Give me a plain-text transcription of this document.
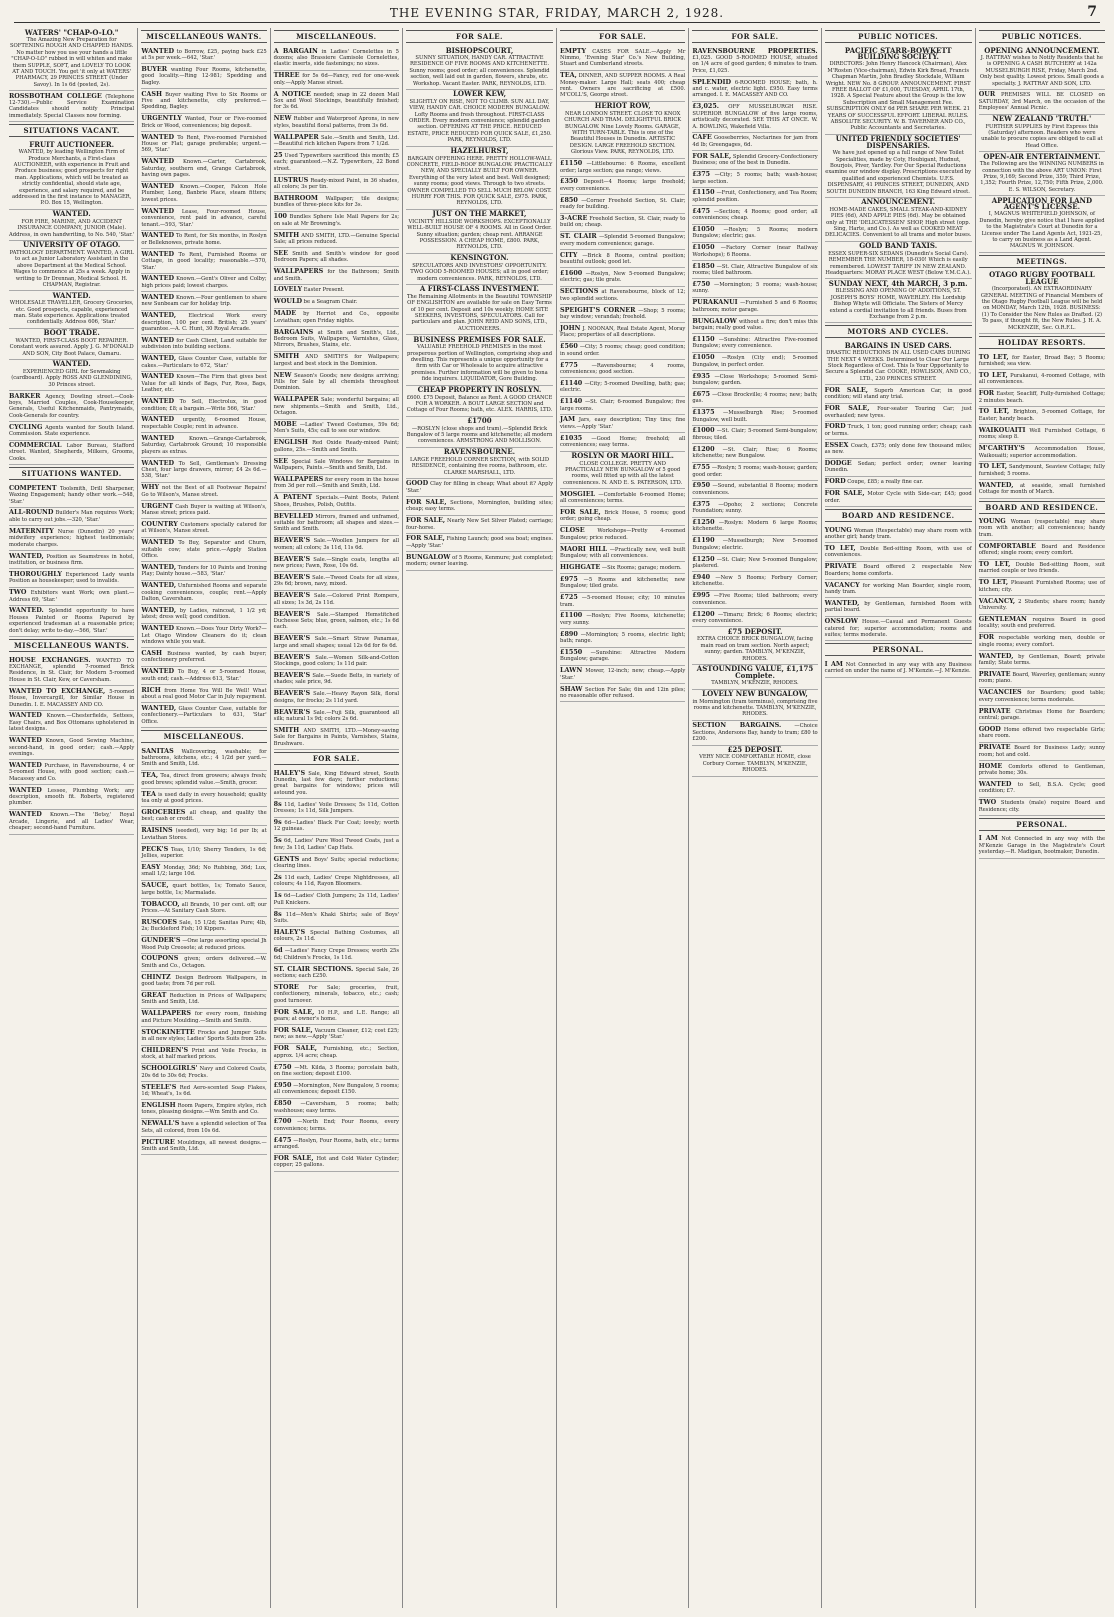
THE EVENING STAR, FRIDAY, MARCH 2, 1928.	7

WATERS' "CHAP-O-LO."
The Amazing New Preparation for SOFTENING ROUGH AND CHAPPED HANDS. No matter how you use your hands a little "CHAP-O-LO" rubbed in will whiten and make them SUPPLE, SOFT, and LOVELY TO LOOK AT AND TOUCH. You get 'it only at WATERS' PHARMACY, 29 PRINCES STREET (Under Savoy). In 1s 6d (posted, 2s).

ROSSBOTHAM COLLEGE (Telephone 12-730).—Public Service Examination Candidates should notify Principal immediately. Special Classes now forming.

SITUATIONS VACANT.

FRUIT AUCTIONEER.
WANTED, by leading Wellington Firm of Produce Merchants, a First-class AUCTIONEER, with experience in Fruit and Produce business; good prospects for right man. Applications, which will be treated as strictly confidential, should state age, experience, and salary required, and be addressed in the first instance to MANAGER, P.O. Box 15, Wellington.

WANTED.
FOR FIRE, MARINE, AND ACCIDENT INSURANCE COMPANY, JUNIOR (Male). Address, in own handwriting, to No. 540, 'Star.'

UNIVERSITY OF OTAGO.
PATHOLOGY DEPARTMENT. WANTED, A GIRL to act as Junior Laboratory Assistant in the above Department at the Medical School. Wages to commence at 25s a week. Apply in writing to Dr Drennan, Medical School. H. CHAPMAN, Registrar.

WANTED.
WHOLESALE TRAVELLER, Grocery Groceries, etc. Good prospects, capable, experienced man. State experience. Applications treated confidentially. Address 606, 'Star.'

BOOT TRADE.
WANTED, FIRST-CLASS BOOT REPAIRER. Constant work assured. Apply J. G. M'DONALD AND SON, City Boot Palace, Oamaru.

WANTED.
EXPERIENCED GIRL for Sewmaking (cardboard). Apply ROSS AND GLENDINING, 30 Princes street.

BARKER Agency, Dowling street.—Cook-boys, Married Couples, Cook-Housekeeper, Generals, Useful Kitchenmaids, Pantrymaids, Cook-Generals for country.

CYCLING Agents wanted for South Island. Commission. State experience.

COMMERCIAL Labor Bureau, Stafford street. Wanted, Shepherds, Milkers, Grooms, Cooks.

SITUATIONS WANTED.

COMPETENT Toolsmith, Drill Sharpener, Waxing Engagement; handy other work.—548, 'Star.'

ALL-ROUND Builder's Man requires Work; able to carry out jobs.—320, 'Star.'

MATERNITY Nurse (Dunedin) 20 years' midwifery experience; highest testimonials; moderate charges.

WANTED, Position as Seamstress in hotel, institution, or business firm.

THOROUGHLY Experienced Lady wants Position as housekeeper; used to invalids.

TWO Exhibitors want Work; own plant.—Address 69, 'Star.'

WANTED. Splendid opportunity to have Houses Painted or Rooms Papered by experienced tradesman at a reasonable price; don't delay; write to-day.—566, 'Star.'

MISCELLANEOUS WANTS.

HOUSE EXCHANGES. WANTED TO EXCHANGE, splendid 7-roomed Brick Residence, in St. Clair, for Modern 5-roomed House in St. Clair, Kew, or Caversham.

WANTED TO EXCHANGE, 5-roomed House, Invercargill, for Similar House in Dunedin. I. E. MACASSEY AND CO.

WANTED Known.—Chesterfields, Settees, Easy Chairs, and Box Ottomans upholstered in latest designs.

WANTED Known, Good Sewing Machine, second-hand, in good order; cash.—Apply evenings.

WANTED Purchase, in Ravensbourne, 4 or 5-roomed House, with good section; cash.—Macassey and Co.

WANTED Lessee, Plumbing Work; any description, smooth fit. Roberts, registered plumber.

WANTED Known.—The 'Betsy,' Royal Arcade, Lingerie, and all Ladies' Wear, cheaper; second-hand Furniture.

MISCELLANEOUS WANTS.

WANTED to Borrow, £25, paying back £25 at 5s per week.—642, 'Star.'

BUYER wanting Four Rooms, kitchenette, good locality.—Ring 12-981; Spedding and Bagley.

CASH Buyer waiting Five to Six Rooms or Five and kitchenette, city preferred.—Spedding, Bagley.

URGENTLY Wanted, Four or Five-roomed Brick or Wood, conveniences; big deposit.

WANTED To Rent, Five-roomed Furnished House or Flat; garage preferable; urgent.—569, 'Star.'

WANTED Known.—Carter, Cartabrook, Saturday, southern end, Grange Cartabrook, having own pages.

WANTED Known.—Cooper, Falcon Hole Plumber, Long, Banbrie Place, steam fitters; lowest prices.

WANTED Lease, Four-roomed House, convenience, rent paid in advance, careful tenant.—593, 'Star.'

WANTED To Rent, for Six months, in Roslyn or Belleknowes, private home.

WANTED To Rent, Furnished Rooms or Cottage, in good locality; reasonable.—570, 'Star.'

WANTED Known.—Gent's Oliver and Colby; high prices paid; lowest charges.

WANTED Known.—Four gentlemen to share new Sunbeam car for holiday trip.

WANTED, Electrical Work every description, 100 per cent. British; 25 years' guarantee.—A. C. Hunt, 30 Royal Arcade.

WANTED for Cash Client, Land suitable for subdivision into building sections.

WANTED, Glass Counter Case, suitable for cakes.—Particulars to 672, 'Star.'

WANTED Known—The Firm that gives best Value for all kinds of Bags, Fur, Ross, Bags, Leather, etc.

WANTED To Sell, Electrolux, in good condition; £8; a bargain.—Write 566, 'Star.'

WANTED urgently, 6-roomed House, respectable Couple; rent in advance.

WANTED	Known.—Grange-Cartabrook, Saturday, Cartabrook Ground; 10 responsible players as extras.

WANTED To Sell, Gentleman's Dressing Chest, four large drawers, mirror; £4 2s 6d.—538, 'Star.'

WHY not the Best of all Footwear Repairs! Go to Wilson's, Manse street.

URGENT Cash Buyer is waiting at Wilson's, Manse street; prices paid.

COUNTRY Customers specially catered for at Wilson's, Manse street.

WANTED To Buy, Separator and Churn, suitable cow; state price.—Apply Station Office.

WANTED, Tenders for 10 Paints and Ironing Play; Dainty house.—583, 'Star.'

WANTED, Unfurnished Rooms and separate cooking conveniences, couple; rent.—Apply Dalton, Caversham.

WANTED, by Ladies, raincoat, 1 1/2 yd; latest; dress well; good condition.

WANTED Known.—Does Your Dirty Work?—Let Otago Window Cleaners do it; clean windows while you wait.

CASH Business wanted, by cash buyer; confectionery preferred.

WANTED To Buy, 4 or 5-roomed House, south end; cash.—Address 613, 'Star.'

RICH from Home You Will Be Well! What about a real good Motor Car in July repayment.

WANTED, Glass Counter Case, suitable for confectionery.—Particulars to 631, 'Star' Office.

MISCELLANEOUS.

SANITAS Wallcovering, washable; for bathrooms, kitchens, etc.; 4 1/2d per yard.—Smith and Smith, Ltd.

TEA, Tea, direct from growers; always fresh; good brews; splendid value.—Smith, grocer.

TEA is used daily in every household; quality tea only at good prices.

GROCERIES all cheap, and quality the best; cash or credit.

RAISINS (seeded), very big; 1d per lb; at Leviathan Stores.

PECK'S Teas, 1/10; Sherry Tenders, 1s 6d; Jellies, superior.

EASY Monday, 36d; No Rubbing, 36d; Lux, small 1/2; large 10d.

SAUCE, quart bottles, 1s; Tomato Sauce, large bottle, 1s; Marmalade.

TOBACCO, all Brands, 10 per cent. off; our Prices.—At Sanitary Cash Store.

RUSCOES Sale, 15 1/2d; Sanitas Pure; 4lb, 2s; Buckleford Fish; 10 Kippers.

GUNDER'S —One large assorting special Jh Wood Pulp Creosote; at reduced prices.

COUPONS given; orders delivered.—W. Smith and Co., Octagon.

CHINTZ Design Bedroom Wallpapers, in good taste; from 7d per roll.

GREAT Reduction in Prices of Wallpapers; Smith and Smith, Ltd.

WALLPAPERS for every room, finishing and Picture Moulding.—Smith and Smith.

STOCKINETTE Frocks and Jumper Suits in all new styles; Ladies' Sports Suits from 25s.

CHILDREN'S Print and Voile Frocks, in stock, at half marked prices.

SCHOOLGIRLS' Navy and Colored Coats, 20s 6d to 30s 6d; Frocks.

STEELE'S Red Aero-scented Soap Flakes, 1d; Wheat's, 1s 6d.

ENGLISH Room Papers, Empire styles, rich tones, pleasing designs.—Wm Smith and Co.

NEWALL'S have a splendid selection of Tea Sets, all colored, from 10s 6d.

PICTURE Mouldings, all newest designs.—Smith and Smith, Ltd.

MISCELLANEOUS.

A BARGAIN in Ladies' Cornelettes in 5 dozens; also Brassiere Camisole Cornelettes, elastic inserts, side fastenings; no sizes.

THREE for 5s 6d—Fancy, red for one-week only.—Apply Manse street.

A NOTICE needed; snap in 22 dozen Mail Sox and Wool Stockings, beautifully finished; for 3s 6d.

NEW Rubber and Waterproof Aprons, in new styles, beautiful floral patterns, from 3s 6d.

WALLPAPER Sale.—Smith and Smith, Ltd.—Beautiful rich kitchen Papers from 7 1/2d.

25 Used Typewriters sacrificed this month; £5 each; guaranteed.—N.Z. Typewriters, 22 Bond street.

LUSTRUS Ready-mixed Paint, in 36 shades, all colors; 3s per tin.

BATHROOM Wallpaper; tile designs; bundles of three-piece kits for 3s.

100 Bundles Sphere Isle Mail Papers for 2s; on sale at Mr Browning's.

SMITH AND SMITH, LTD.—Genuine Special Sale; all prices reduced.

SEE Smith and Smith's window for good Bedroom Papers; all shades.

WALLPAPERS for the Bathroom; Smith and Smith.

LOVELY Easter Present.

WOULD be a Seagram Chair.

MADE by Herriot and Co., opposite Leviathan; open Friday nights.

BARGAINS at Smith and Smith's, Ltd., Bedroom Suits, Wallpapers, Varnishes, Glass, Mirrors, Brushes, Stains, etc.

SMITH AND SMITH'S for Wallpapers; largest and best stock in the Dominion.

NEW Season's Goods; new designs arriving; Pills for Sale by all chemists throughout Dominion.

WALLPAPER Sale; wonderful bargains; all new shipments.—Smith and Smith, Ltd., Octagon.

MOBE —Ladies' Tweed Costumes, 59s 6d; Men's Suits, 45s; call to see our window.

ENGLISH Red Oxide Ready-mixed Paint; gallons, 25s.—Smith and Smith.

SEE Special Sale Windows for Bargains in Wallpapers, Paints.—Smith and Smith, Ltd.

WALLPAPERS for every room in the house from 3d per roll.—Smith and Smith, Ltd.

A PATENT Specials.—Paint Boots, Patent Shoes, Brushes, Polish, Outfits.

BEVELLED Mirrors, framed and unframed, suitable for bathroom; all shapes and sizes.—Smith and Smith.

BEAVER'S Sale.—Woollen Jumpers for all women; all colors; 3s 11d, 11s 6d.

BEAVER'S Sale.—Single coats, lengths all new prices; Fawn, Rose, 10s 6d.

BEAVER'S Sale.—Tweed Coats for all sizes, 29s 6d; brown, navy, mixed.

BEAVER'S Sale.—Colored Print Rompers, all sizes; 1s 3d, 2s 11d.

BEAVER'S Sale.—Stamped Hemstitched Duchesse Sets; blue, green, salmon, etc.; 1s 6d each.

BEAVER'S Sale.—Smart Straw Panamas, large and small shapes; usual 12s 6d for 6s 6d.

BEAVER'S Sale.—Women Silk-and-Cotton Stockings, good colors; 1s 11d pair.

BEAVER'S Sale.—Suede Belts, in variety of shades; sale price, 9d.

BEAVER'S Sale.—Heavy Rayon Silk, floral designs, for frocks; 2s 11d yard.

BEAVER'S Sale.—Fuji Silk, guaranteed all silk; natural 1s 9d; colors 2s 6d.

SMITH AND SMITH, LTD.—Money-saving Sale for Bargains in Paints, Varnishes, Stains, Brushware.

FOR SALE.

HALEY'S Sale, King Edward street, South Dunedin, last few days; further reductions; great bargains for windows; prices will astound you.

8s 11d, Ladies' Voile Dresses; 5s 11d, Cotton Dresses; 1s 11d, Silk Jumpers.

9s 6d—Ladies' Black Fur Coat; lovely; worth 12 guineas.

5s 6d, Ladies' Pure Wool Tweed Coats, just a few; 3s 11d, Ladies' Cap Hats.

GENTS and Boys' Suits; special reductions; clearing lines.

2s 11d each, Ladies' Crepe Nightdresses, all colours; 4s 11d, Rayon Bloomers.

1s 6d—Ladies' Cloth Jumpers; 2s 11d, Ladies' Pull Knickers.

8s 11d—Men's Khaki Shirts; sale of Boys' Suits.

HALEY'S Special Bathing Costumes, all colours, 2s 11d.

6d —Ladies' Fancy Crepe Dresses; worth 25s 6d; Children's Frocks, 1s 11d.

ST. CLAIR SECTIONS. Special Sale, 26 sections; each £250.

STORE For Sale; groceries, fruit, confectionery, minerals, tobacco, etc.; cash; good turnover.

FOR SALE, 10 H.P., and L.E. Range; all gears; at owner's home.

FOR SALE, Vacuum Cleaner, £12; cost £25; new; as new.—Apply 'Star.'

FOR SALE, Furnishing, etc.; Section, approx. 1/4 acre; cheap.

£750 —Mt. Kilda, 3 Rooms; porcelain bath, on fine section; deposit £100.

£950 —Mornington, New Bungalow, 5 rooms; all conveniences; deposit £150.

£850 —Caversham, 5 rooms; bath; washhouse; easy terms.

£700 —North End; Four Rooms, every convenience; terms.

£475 —Roslyn, Four Rooms, bath, etc.; terms arranged.

FOR SALE, Hot and Cold Water Cylinder; copper; 25 gallons.

FOR SALE.

BISHOPSCOURT,
SUNNY SITUATION, HANDY CAR. ATTRACTIVE RESIDENCE OF FIVE ROOMS AND KITCHENETTE. Sunny rooms; good order; all conveniences. Splendid section, well laid out in garden, flowers, shrubs, etc. Workshop. Vacant Easter. PARK, REYNOLDS, LTD.

LOWER KEW,
SLIGHTLY ON RISE, NOT TO CLIMB. SUN ALL DAY, VIEW, HANDY CAR. CHOICE MODERN BUNGALOW. Lofty Rooms and fresh throughout. FIRST-CLASS ORDER. Every modern convenience; splendid garden section. OFFERING AT THE PRICE. REDUCED ESTATE, PRICE REDUCED FOR QUICK SALE, £1,250. PARK, REYNOLDS, LTD.

HAZELHURST,
BARGAIN OFFERING HERE. PRETTY HOLLOW-WALL CONCRETE, FIELD-ROOF BUNGALOW. PRACTICALLY NEW, AND SPECIALLY BUILT FOR OWNER. Everything of the very latest and best. Well designed; sunny rooms; good views. Through to two streets. OWNER COMPELLED TO SELL MUCH BELOW COST. HURRY FOR THIS. FOR QUICK SALE, £975. PARK, REYNOLDS, LTD.

JUST ON THE MARKET,
VICINITY HILLSIDE WORKSHOPS. EXCEPTIONALLY WELL-BUILT HOUSE OF 4 ROOMS. All in Good Order. Sunny situation; garden; cheap rent. ARRANGE POSSESSION. A CHEAP HOME, £800. PARK, REYNOLDS, LTD.

KENSINGTON.
SPECULATORS AND INVESTORS' OPPORTUNITY. TWO GOOD 5-ROOMED HOUSES; all in good order; modern conveniences. PARK, REYNOLDS, LTD.

A FIRST-CLASS INVESTMENT.
The Remaining Allotments in the Beautiful TOWNSHIP OF ENGLISHTON are available for sale on Easy Terms of 10 per cent. Deposit and 10s weekly. HOME SITE SEEKERS, INVESTORS, SPECULATORS. Call for particulars and plan. JOHN REID AND SONS, LTD., AUCTIONEERS.

BUSINESS PREMISES FOR SALE.
VALUABLE FREEHOLD PREMISES in the most prosperous portion of Wellington, comprising shop and dwelling. This represents a unique opportunity for a firm with Car or Wholesale to acquire attractive premises. Further information will be given to bona fide inquirers. LIQUIDATOR, Gore Building.

CHEAP PROPERTY IN ROSLYN.
£600. £75 Deposit, Balance as Rent. A GOOD CHANCE FOR A WORKER. A BOUT LARGE SECTION and Cottage of Four Rooms; bath, etc. ALEX. HARRIS, LTD.

£1700
—ROSLYN (close shops and tram).—Splendid Brick Bungalow of 5 large rooms and kitchenette; all modern conveniences. ARMSTRONG AND MOLLISON.

RAVENSBOURNE.
LARGE FREEHOLD CORNER SECTION, with SOLID RESIDENCE, containing five rooms, bathroom, etc. CLARKE MARSHALL, LTD.

GOOD Clay for filling in cheap; What about it? Apply 'Star.'

FOR SALE, Sections, Mornington, building sites; cheap; easy terms.

FOR SALE, Nearly New Set Silver Plated; carriage; four-horse.

FOR SALE, Fishing Launch; good sea boat; engines.—Apply 'Star.'

BUNGALOW of 5 Rooms, Kenmure; just completed; modern; owner leaving.

FOR SALE.

EMPTY CASES FOR SALE.—Apply Mr Nimmo, 'Evening Star' Co.'s New Building, Stuart and Cumberland streets.

TEA, DINNER, AND SUPPER ROOMS. A Real Money-maker. Large Hall; seats 400; cheap rent. Owners are sacrificing at £500. M'COLL'S, George street.

HERIOT ROW,
NEAR LONDON STREET. CLOSE TO KNOX CHURCH AND TRAM. DELIGHTFUL BRICK BUNGALOW. Nine Lovely Rooms. GARAGE, WITH TURN-TABLE. This is one of the Beautiful Houses in Dunedin. ARTISTIC DESIGN. LARGE FREEHOLD SECTION. Glorious View. PARK, REYNOLDS, LTD.

£1150 —Littlebourne: 6 Rooms, excellent order; large section; gas range; views.

£350 Deposit—4 Rooms; large freehold; every convenience.

£850 —Corner Freehold Section, St. Clair; ready for building.

3-ACRE Freehold Section, St. Clair, ready to build on; cheap.

ST. CLAIR —Splendid 5-roomed Bungalow; every modern convenience; garage.

CITY —Brick 8 Rooms, central position; beautiful outlook; good let.

£1600 —Roslyn, New 5-roomed Bungalow; electric; gas; tile grate.

SECTIONS at Ravensbourne, block of 12; two splendid sections.

SPEIGHT'S CORNER —Shop; 5 rooms; bay window; verandah; freehold.

JOHN J. NOONAN, Real Estate Agent, Moray Place; properties of all descriptions.

£560 —City; 5 rooms; cheap; good condition; in sound order.

£775	—Ravensbourne; 4 rooms, conveniences; good section.

£1140 —City; 5-roomed Dwelling, bath; gas; electric.

£1140 —St. Clair; 6-roomed Bungalow; five large rooms.

JAM Jars, easy description; Tiny tins; fine views.—Apply 'Star.'

£1035 —Good Home; freehold; all conveniences; easy terms.

ROSLYN OR MAORI HILL.
CLOSE COLLEGE. PRETTY AND PRACTICALLY NEW BUNGALOW of 5 good rooms, well fitted up with all the latest conveniences. N. AND E. S. PATERSON, LTD.

MOSGIEL —Comfortable 6-roomed Home; all conveniences; terms.

FOR SALE, Brick House, 5 rooms; good order; going cheap.

CLOSE Workshops—Pretty 4-roomed Bungalow; price reduced.

MAORI HILL —Practically new, well built Bungalow; with all conveniences.

HIGHGATE —Six Rooms; garage; modern.

£975 —5 Rooms and kitchenette; new Bungalow; tiled grate.

£725 —5-roomed House; city; 10 minutes tram.

£1100 —Roslyn; Five Rooms, kitchenette; very sunny.

£890 —Mornington; 5 rooms, electric light; bath; range.

£1550 —Sunshine: Attractive Modern Bungalow; garage.

LAWN Mower, 12-inch; new; cheap.—Apply 'Star.'

SHAW Section For Sale; 6in and 12in piles; no reasonable offer refused.

FOR SALE.

RAVENSBOURNE PROPERTIES. £1,025. GOOD 5-ROOMED HOUSE, situated on 1/4 acre of good garden; 6 minutes to tram. Price, £1,025.

SPLENDID 6-ROOMED HOUSE; bath, h. and c. water, electric light. £950. Easy terms arranged. I. E. MACASSEY AND CO.

£3,025. OFF MUSSELBURGH RISE. SUPERIOR BUNGALOW of five large rooms, artistically decorated. SEE THIS AT ONCE. W. A. BOWLING, Wakefield Villa.

CAFE Gooseberries, Nectarines for jam from 4d lb; Greengages, 6d.

FOR SALE, Splendid Grocery-Confectionery Business; one of the best in Dunedin.

£375 —City; 5 rooms; bath; wash-house; large section.

£1150 —Fruit, Confectionery, and Tea Room; splendid position.

£475 —Section; 4 Rooms; good order; all conveniences; cheap.

£1050 —Roslyn; 5 Rooms; modern Bungalow; electric; gas.

£1050 —Factory Corner (near Railway Workshops); 6 Rooms.

£1850 —St. Clair, Attractive Bungalow of six rooms; tiled bathroom.

£750 —Mornington; 5 rooms; wash-house; sunny.

PURAKANUI —Furnished 5 and 6 Rooms; bathroom; motor garage.

BUNGALOW without a fire; don't miss this bargain; really good value.

£1150 —Sunshine: Attractive Five-roomed Bungalow; every convenience.

£1050 —Roslyn (City end); 5-roomed Bungalow, in perfect order.

£935 —Close Workshops; 5-roomed Semi-bungalow; garden.

£675 —Close Brockville; 4 rooms; new; bath; gas.

£1375 —Musselburgh Rise; 5-roomed Bungalow, well built.

£1000 —St. Clair; 5-roomed Semi-bungalow; fibrous; tiled.

£1200 —St. Clair; Rise; 6 Rooms; kitchenette; new Bungalow.

£755 —Roslyn; 5 rooms; wash-house; garden; good order.

£950 —Sound, substantial 8 Rooms; modern conveniences.

£375 —Opoho; 2 sections; Concrete Foundation; sunny.

£1250 —Roslyn: Modern 6 large Rooms; kitchenette.

£1190 —Musselburgh; New 5-roomed Bungalow; electric.

£1250 —St. Clair; New 5-roomed Bungalow; plastered.

£940 —New 5 Rooms; Forbury Corner; kitchenette.

£995 —Five Rooms; tiled bathroom; every convenience.

£1200 —Timaru; Brick; 6 Rooms; electric; every convenience.

£75 DEPOSIT.
EXTRA CHOICE BRICK BUNGALOW, facing main road on tram section. North aspect; sunny; garden. TAMBLYN, M'KENZIE, RHODES.

ASTOUNDING VALUE, £1,175 Complete.
TAMBLYN, M'KENZIE, RHODES.

LOVELY NEW BUNGALOW,
in Mornington (tram terminus), comprising five rooms and kitchenette. TAMBLYN, M'KENZIE, RHODES.

SECTION BARGAINS.	—Choice Sections, Andersons Bay, handy to tram; £80 to £200.

£25 DEPOSIT.
VERY NICE COMFORTABLE HOME, close Corbury Corner. TAMBLYN, M'KENZIE, RHODES.

PUBLIC NOTICES.

PACIFIC STARR-BOWKETT BUILDING SOCIETY.
DIRECTORS: John Henry Hancock (Chairman), Alex M'Rosten (Vice-chairman), Edwin Kirk Broad, Francis Chapman Martin, John Bradley Stockdale, William Wright. NEW No. 8 GROUP. ANNOUNCEMENT. FIRST FREE BALLOT OF £1,000, TUESDAY, APRIL 17th, 1928. A Special Feature about the Group is the low Subscription and Small Management Fee. SUBSCRIPTION ONLY 6d PER SHARE PER WEEK. 21 YEARS OF SUCCESSFUL EFFORT. LIBERAL RULES. ABSOLUTE SECURITY. W. B. TAVERNER AND CO., Public Accountants and Secretaries.

UNITED FRIENDLY SOCIETIES' DISPENSARIES.
We have just opened up a full range of New Toilet Specialities, made by Coty, Houbigant, Hudnut, Bourjois, Piver, Yardley. For Our Special Reductions examine our window display. Prescriptions executed by qualified and experienced Chemists. U.F.S. DISPENSARY, 41 PRINCES STREET, DUNEDIN, AND SOUTH DUNEDIN BRANCH, 163 King Edward street.

ANNOUNCEMENT.
HOME-MADE CAKES, SMALL STEAK-AND-KIDNEY PIES (6d), AND APPLE PIES (6d). May be obtained only at THE 'DELICATESSEN' SHOP, High street (opp. Sing, Harte, and Co.). As well as COOKED MEAT DELICACIES. Convenient to all trams and motor buses.

GOLD BAND TAXIS.
ESSEX SUPER-SIX SEDANS (Dunedin's Social Cars). REMEMBER THE NUMBER, 18-030! Which is easily remembered. LOWEST TARIFF IN NEW ZEALAND. Headquarters: MORAY PLACE WEST (Below Y.M.C.A.).

SUNDAY NEXT, 4th MARCH, 3 p.m.
BLESSING AND OPENING OF ADDITIONS, ST. JOSEPH'S BOYS' HOME, WAVERLEY. His Lordship Bishop Whyte will Officiate. The Sisters of Mercy extend a cordial invitation to all friends. Buses from Exchange from 2 p.m.

MOTORS AND CYCLES.

BARGAINS IN USED CARS.
DRASTIC REDUCTIONS IN ALL USED CARS DURING THE NEXT 4 WEEKS. Determined to Clear Our Large Stock Regardless of Cost. This Is Your Opportunity to Secure a Splendid Car. COOKE, HOWLISON, AND CO., LTD., 230 PRINCES STREET.

FOR SALE, Superb American Car, in good condition; will stand any trial.

FOR SALE, Four-seater Touring Car; just overhauled; new tyres.

FORD Truck, 1 ton; good running order; cheap; cash or terms.

ESSEX Coach, £375; only done few thousand miles; as new.

DODGE Sedan; perfect order; owner leaving Dunedin.

FORD Coupe, £85; a really fine car.

FOR SALE, Motor Cycle with Side-car; £45; good order.

BOARD AND RESIDENCE.

YOUNG Woman (Respectable) may share room with another girl; handy tram.

TO LET, Double Bed-sitting Room, with use of conveniences.

PRIVATE Board offered 2 respectable New Boarders; home comforts.

VACANCY for working Man Boarder, single room, handy tram.

WANTED, by Gentleman, furnished Room with partial board.

ONSLOW House.—Casual and Permanent Guests catered for; superior accommodation; rooms and suites; terms moderate.

PERSONAL.

I AM Not Connected in any way with any Business carried on under the name of J. M'Kenzie.—J. M'Kenzie.

PUBLIC NOTICES.

OPENING ANNOUNCEMENT.
J. RATTRAY wishes to Notify Residents that he is OPENING A CASH BUTCHERY at 142a MUSSELBURGH RISE, Friday, March 2nd. Only best quality. Lowest prices. Small goods a specialty. J. RATTRAY AND SON, LTD.

OUR PREMISES WILL BE CLOSED on SATURDAY, 3rd March, on the occasion of the Employees' Annual Picnic.

NEW ZEALAND 'TRUTH.'
FURTHER SUPPLIES by First Express this (Saturday) afternoon. Readers who were unable to procure copies are obliged to call at Head Office.

OPEN-AIR ENTERTAINMENT.
The Following are the WINNING NUMBERS in connection with the above ART UNION: First Prize, 9,169; Second Prize, 359; Third Prize, 1,352; Fourth Prize, 12,750; Fifth Prize, 2,000. E. S. WILSON, Secretary.

APPLICATION FOR LAND AGENT'S LICENSE.
I, MAGNUS WHITEFIELD JOHNSON, of Dunedin, hereby give notice that I have applied to the Magistrate's Court at Dunedin for a License under The Land Agents Act, 1921-25, to carry on business as a Land Agent. MAGNUS W. JOHNSON.

MEETINGS.

OTAGO RUGBY FOOTBALL LEAGUE
(Incorporated). AN EXTRAORDINARY GENERAL MEETING of Financial Members of the Otago Rugby Football League will be held on MONDAY, March 12th, 1928. BUSINESS: (1) To Consider the New Rules as Drafted. (2) To pass, if thought fit, the New Rules. J. H. A. MCKENZIE, Sec. O.R.F.L.

HOLIDAY RESORTS.

TO LET, for Easter, Broad Bay; 5 Rooms; furnished; sea view.

TO LET, Purakanui, 4-roomed Cottage, with all conveniences.

FOR Easter, Seacliff, Fully-furnished Cottage; 2 minutes beach.

TO LET, Brighton, 5-roomed Cottage, for Easter; handy beach.

WAIKOUAITI Well Furnished Cottage, 6 rooms; sleep 8.

M'CARTHY'S Accommodation House, Waikouaiti; superior accommodation.

TO LET, Sandymount, Seaview Cottage; fully furnished; 5 rooms.

WANTED, at seaside, small furnished Cottage for month of March.

BOARD AND RESIDENCE.

YOUNG Woman (respectable) may share room with another; all conveniences; handy tram.

COMFORTABLE Board and Residence offered; single room; every comfort.

TO LET, Double Bed-sitting Room, suit married couple or two friends.

TO LET, Pleasant Furnished Rooms; use of kitchen; city.

VACANCY, 2 Students; share room; handy University.

GENTLEMAN requires Board in good locality; south end preferred.

FOR respectable working men, double or single rooms; every comfort.

WANTED, by Gentleman, Board; private family; State terms.

PRIVATE Board, Waverley, gentleman; sunny room; piano.

VACANCIES for Boarders; good table; every convenience; terms moderate.

PRIVATE Christmas Home for Boarders; central; garage.

GOOD Home offered two respectable Girls; share room.

PRIVATE Board for Business Lady; sunny room; hot and cold.

HOME Comforts offered to Gentleman, private home; 30s.

WANTED to Sell, B.S.A. Cycle; good condition; £7.

TWO Students (male) require Board and Residence; city.

PERSONAL.

I AM Not Connected in any way with the M'Kenzie Garage in the Magistrate's Court yesterday.—R. Madigan, bootmaker, Dunedin.
